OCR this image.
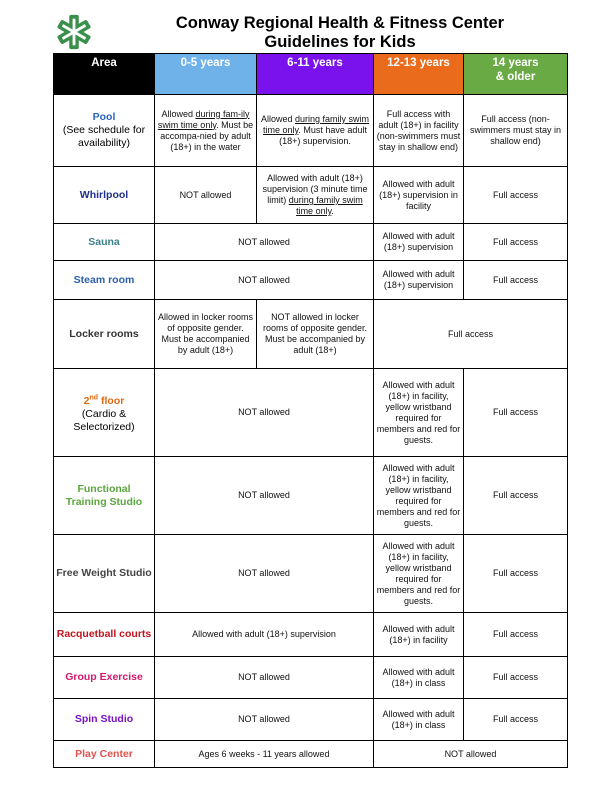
Conway Regional Health & Fitness Center
Guidelines for Kids
Area	0-5 years	6-11 years	12-13 years	14 years
& older
Pool
(See schedule for availability)	Allowed during fam-ily swim time only. Must be accompa-nied by adult (18+) in the water	Allowed during family swim time only. Must have adult (18+) supervision.	Full access with adult (18+) in facility (non-swimmers must stay in shallow end)	Full access (non-swimmers must stay in shallow end)
Whirlpool	NOT allowed	Allowed with adult (18+) supervision (3 minute time limit) during family swim time only.	Allowed with adult (18+) supervision in facility	Full access
Sauna	NOT allowed		Allowed with adult (18+) supervision	Full access
Steam room	NOT allowed		Allowed with adult (18+) supervision	Full access
Locker rooms	Allowed in locker rooms of opposite gender. Must be accompanied by adult (18+)	NOT allowed in locker rooms of opposite gender. Must be accompanied by adult (18+)	Full access	
2nd floor
(Cardio & Selectorized)	NOT allowed		Allowed with adult (18+) in facility, yellow wristband required for members and red for guests.	Full access
Functional Training Studio	NOT allowed		Allowed with adult (18+) in facility, yellow wristband required for members and red for guests.	Full access
Free Weight Studio	NOT allowed		Allowed with adult (18+) in facility, yellow wristband required for members and red for guests.	Full access
Racquetball courts	Allowed with adult (18+) supervision		Allowed with adult (18+) in facility	Full access
Group Exercise	NOT allowed		Allowed with adult (18+) in class	Full access
Spin Studio	NOT allowed		Allowed with adult (18+) in class	Full access
Play Center	Ages 6 weeks - 11 years allowed		NOT allowed	
